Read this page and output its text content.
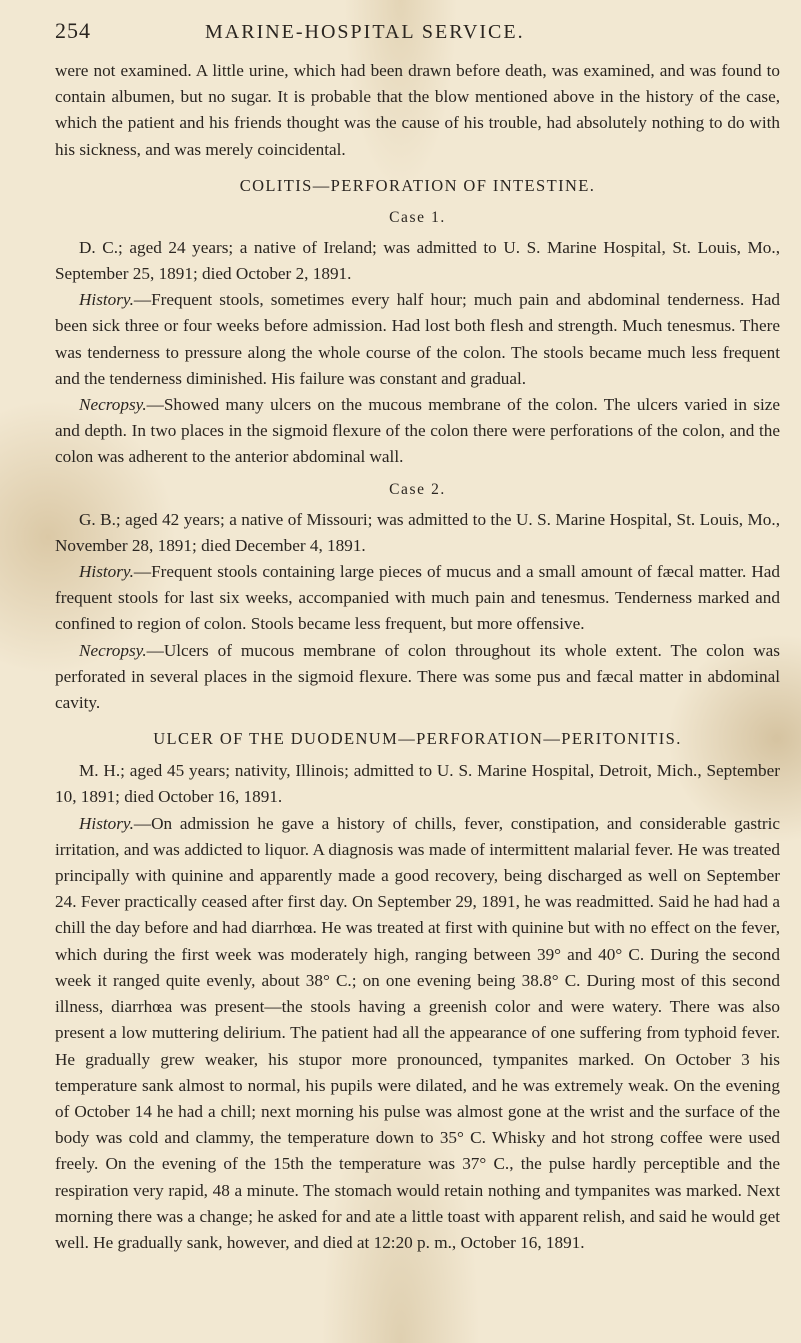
254	MARINE-HOSPITAL SERVICE.

were not examined. A little urine, which had been drawn before death, was examined, and was found to contain albumen, but no sugar. It is probable that the blow mentioned above in the history of the case, which the patient and his friends thought was the cause of his trouble, had absolutely nothing to do with his sickness, and was merely coincidental.

COLITIS—PERFORATION OF INTESTINE.
Case 1.

D. C.; aged 24 years; a native of Ireland; was admitted to U. S. Marine Hospital, St. Louis, Mo., September 25, 1891; died October 2, 1891.

History.—Frequent stools, sometimes every half hour; much pain and abdominal tenderness. Had been sick three or four weeks before admission. Had lost both flesh and strength. Much tenesmus. There was tenderness to pressure along the whole course of the colon. The stools became much less frequent and the tenderness diminished. His failure was constant and gradual.

Necropsy.—Showed many ulcers on the mucous membrane of the colon. The ulcers varied in size and depth. In two places in the sigmoid flexure of the colon there were perforations of the colon, and the colon was adherent to the anterior abdominal wall.

Case 2.

G. B.; aged 42 years; a native of Missouri; was admitted to the U. S. Marine Hospital, St. Louis, Mo., November 28, 1891; died December 4, 1891.

History.—Frequent stools containing large pieces of mucus and a small amount of fæcal matter. Had frequent stools for last six weeks, accompanied with much pain and tenesmus. Tenderness marked and confined to region of colon. Stools became less frequent, but more offensive.

Necropsy.—Ulcers of mucous membrane of colon throughout its whole extent. The colon was perforated in several places in the sigmoid flexure. There was some pus and fæcal matter in abdominal cavity.

ULCER OF THE DUODENUM—PERFORATION—PERITONITIS.

M. H.; aged 45 years; nativity, Illinois; admitted to U. S. Marine Hospital, Detroit, Mich., September 10, 1891; died October 16, 1891.

History.—On admission he gave a history of chills, fever, constipation, and considerable gastric irritation, and was addicted to liquor. A diagnosis was made of intermittent malarial fever. He was treated principally with quinine and apparently made a good recovery, being discharged as well on September 24. Fever practically ceased after first day. On September 29, 1891, he was readmitted. Said he had had a chill the day before and had diarrhœa. He was treated at first with quinine but with no effect on the fever, which during the first week was moderately high, ranging between 39° and 40° C. During the second week it ranged quite evenly, about 38° C.; on one evening being 38.8° C. During most of this second illness, diarrhœa was present—the stools having a greenish color and were watery. There was also present a low muttering delirium. The patient had all the appearance of one suffering from typhoid fever. He gradually grew weaker, his stupor more pronounced, tympanites marked. On October 3 his temperature sank almost to normal, his pupils were dilated, and he was extremely weak. On the evening of October 14 he had a chill; next morning his pulse was almost gone at the wrist and the surface of the body was cold and clammy, the temperature down to 35° C. Whisky and hot strong coffee were used freely. On the evening of the 15th the temperature was 37° C., the pulse hardly perceptible and the respiration very rapid, 48 a minute. The stomach would retain nothing and tympanites was marked. Next morning there was a change; he asked for and ate a little toast with apparent relish, and said he would get well. He gradually sank, however, and died at 12:20 p. m., October 16, 1891.
